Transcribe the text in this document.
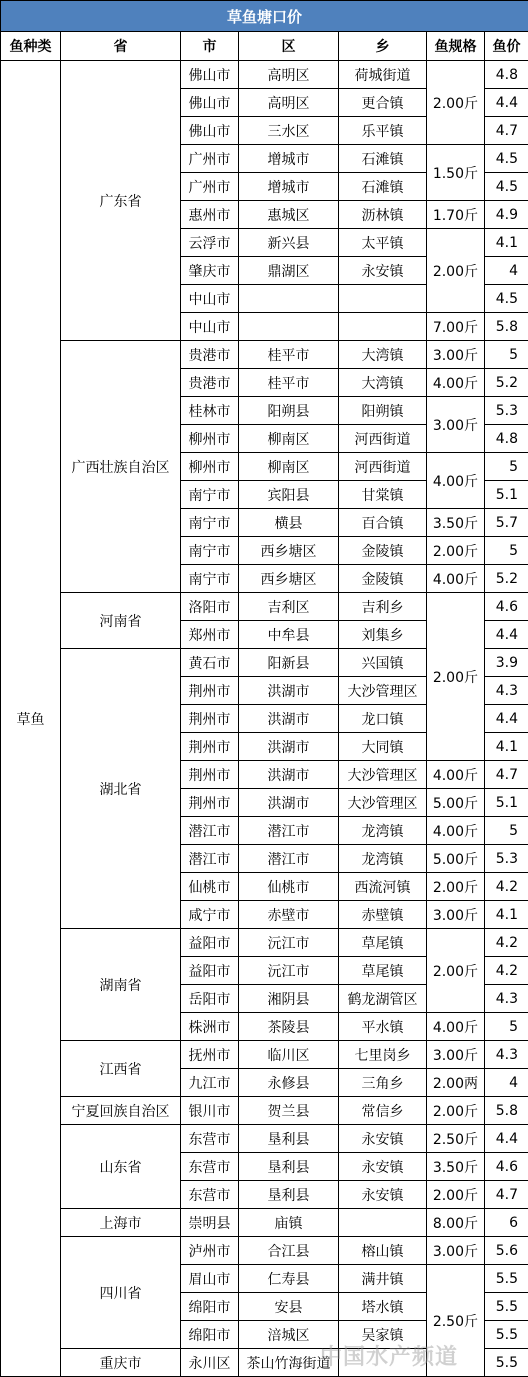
草鱼塘口价						
鱼种类	省	市	区	乡	鱼规格	鱼价
草鱼	广东省	佛山市	高明区	荷城街道	2.00斤	4.8
		佛山市	高明区	更合镇		4.4
		佛山市	三水区	乐平镇		4.7
		广州市	增城市	石滩镇	1.50斤	4.5
		广州市	增城市	石滩镇		4.5
		惠州市	惠城区	沥林镇	1.70斤	4.9
		云浮市	新兴县	太平镇	2.00斤	4.1
		肇庆市	鼎湖区	永安镇		4
		中山市				4.5
		中山市			7.00斤	5.8
	广西壮族自治区	贵港市	桂平市	大湾镇	3.00斤	5
		贵港市	桂平市	大湾镇	4.00斤	5.2
		桂林市	阳朔县	阳朔镇	3.00斤	5.3
		柳州市	柳南区	河西街道		4.8
		柳州市	柳南区	河西街道	4.00斤	5
		南宁市	宾阳县	甘棠镇		5.1
		南宁市	横县	百合镇	3.50斤	5.7
		南宁市	西乡塘区	金陵镇	2.00斤	5
		南宁市	西乡塘区	金陵镇	4.00斤	5.2
	河南省	洛阳市	吉利区	吉利乡	2.00斤	4.6
		郑州市	中牟县	刘集乡		4.4
	湖北省	黄石市	阳新县	兴国镇		3.9
		荆州市	洪湖市	大沙管理区		4.3
		荆州市	洪湖市	龙口镇		4.4
		荆州市	洪湖市	大同镇		4.1
		荆州市	洪湖市	大沙管理区	4.00斤	4.7
		荆州市	洪湖市	大沙管理区	5.00斤	5.1
		潜江市	潜江市	龙湾镇	4.00斤	5
		潜江市	潜江市	龙湾镇	5.00斤	5.3
		仙桃市	仙桃市	西流河镇	2.00斤	4.2
		咸宁市	赤壁市	赤壁镇	3.00斤	4.1
	湖南省	益阳市	沅江市	草尾镇	2.00斤	4.2
		益阳市	沅江市	草尾镇		4.2
		岳阳市	湘阴县	鹤龙湖管区		4.3
		株洲市	茶陵县	平水镇	4.00斤	5
	江西省	抚州市	临川区	七里岗乡	3.00斤	4.3
		九江市	永修县	三角乡	2.00两	4
	宁夏回族自治区	银川市	贺兰县	常信乡	2.00斤	5.8
	山东省	东营市	垦利县	永安镇	2.50斤	4.4
		东营市	垦利县	永安镇	3.50斤	4.6
		东营市	垦利县	永安镇	2.00斤	4.7
	上海市	崇明县	庙镇		8.00斤	6
	四川省	泸州市	合江县	榕山镇	3.00斤	5.6
		眉山市	仁寿县	满井镇	2.50斤	5.5
		绵阳市	安县	塔水镇		5.5
		绵阳市	涪城区	吴家镇		5.5
	重庆市	永川区	茶山竹海街道			5.5
中国水产频道
